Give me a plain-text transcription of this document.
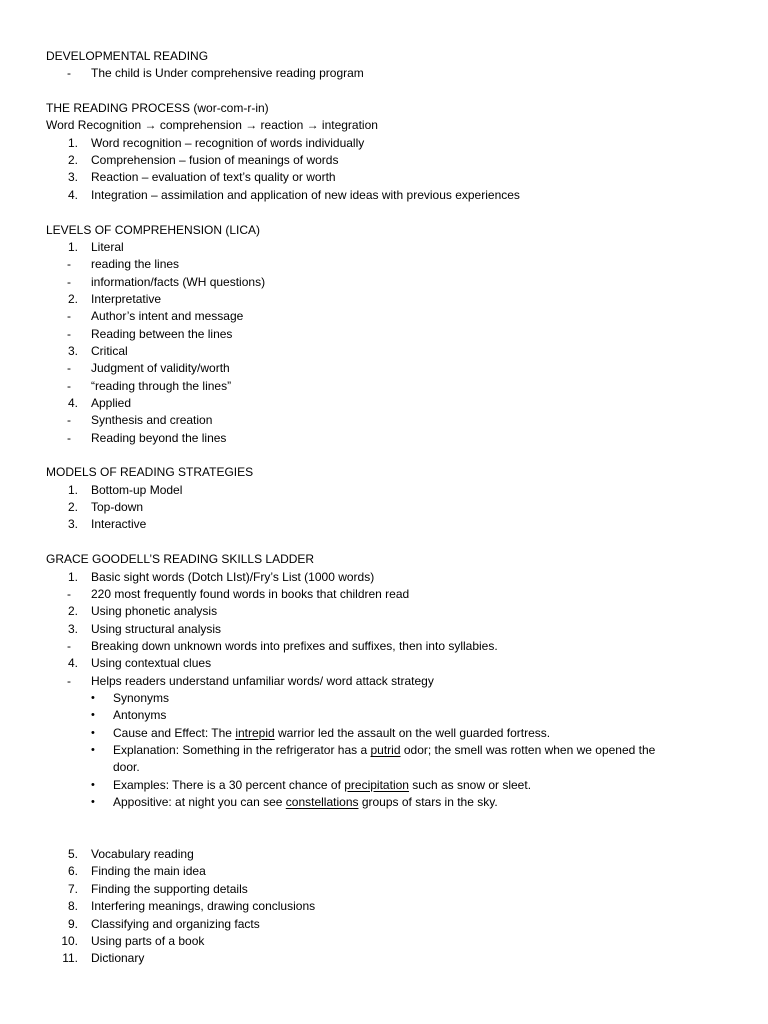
DEVELOPMENTAL READING
-	The child is Under comprehensive reading program
THE READING PROCESS (wor-com-r-in)
Word Recognition → comprehension → reaction → integration
1. Word recognition – recognition of words individually
2. Comprehension – fusion of meanings of words
3. Reaction – evaluation of text’s quality or worth
4. Integration – assimilation and application of new ideas with previous experiences
LEVELS OF COMPREHENSION (LICA)
1. Literal
-	reading the lines
-	information/facts (WH questions)
2. Interpretative
-	Author’s intent and message
-	Reading between the lines
3. Critical
-	Judgment of validity/worth
-	“reading through the lines”
4. Applied
-	Synthesis and creation
-	Reading beyond the lines
MODELS OF READING STRATEGIES
1. Bottom-up Model
2. Top-down
3. Interactive
GRACE GOODELL’S READING SKILLS LADDER
1. Basic sight words (Dotch LIst)/Fry’s List (1000 words)
-	220 most frequently found words in books that children read
2. Using phonetic analysis
3. Using structural analysis
-	Breaking down unknown words into prefixes and suffixes, then into syllabies.
4. Using contextual clues
-	Helps readers understand unfamiliar words/ word attack strategy
•	Synonyms
•	Antonyms
•	Cause and Effect: The intrepid warrior led the assault on the well guarded fortress.
•	Explanation: Something in the refrigerator has a putrid odor; the smell was rotten when we opened the
door.
•	Examples: There is a 30 percent chance of precipitation such as snow or sleet.
•	Appositive: at night you can see constellations groups of stars in the sky.
5. Vocabulary reading
6. Finding the main idea
7. Finding the supporting details
8. Interfering meanings, drawing conclusions
9. Classifying and organizing facts
10. Using parts of a book
11. Dictionary
